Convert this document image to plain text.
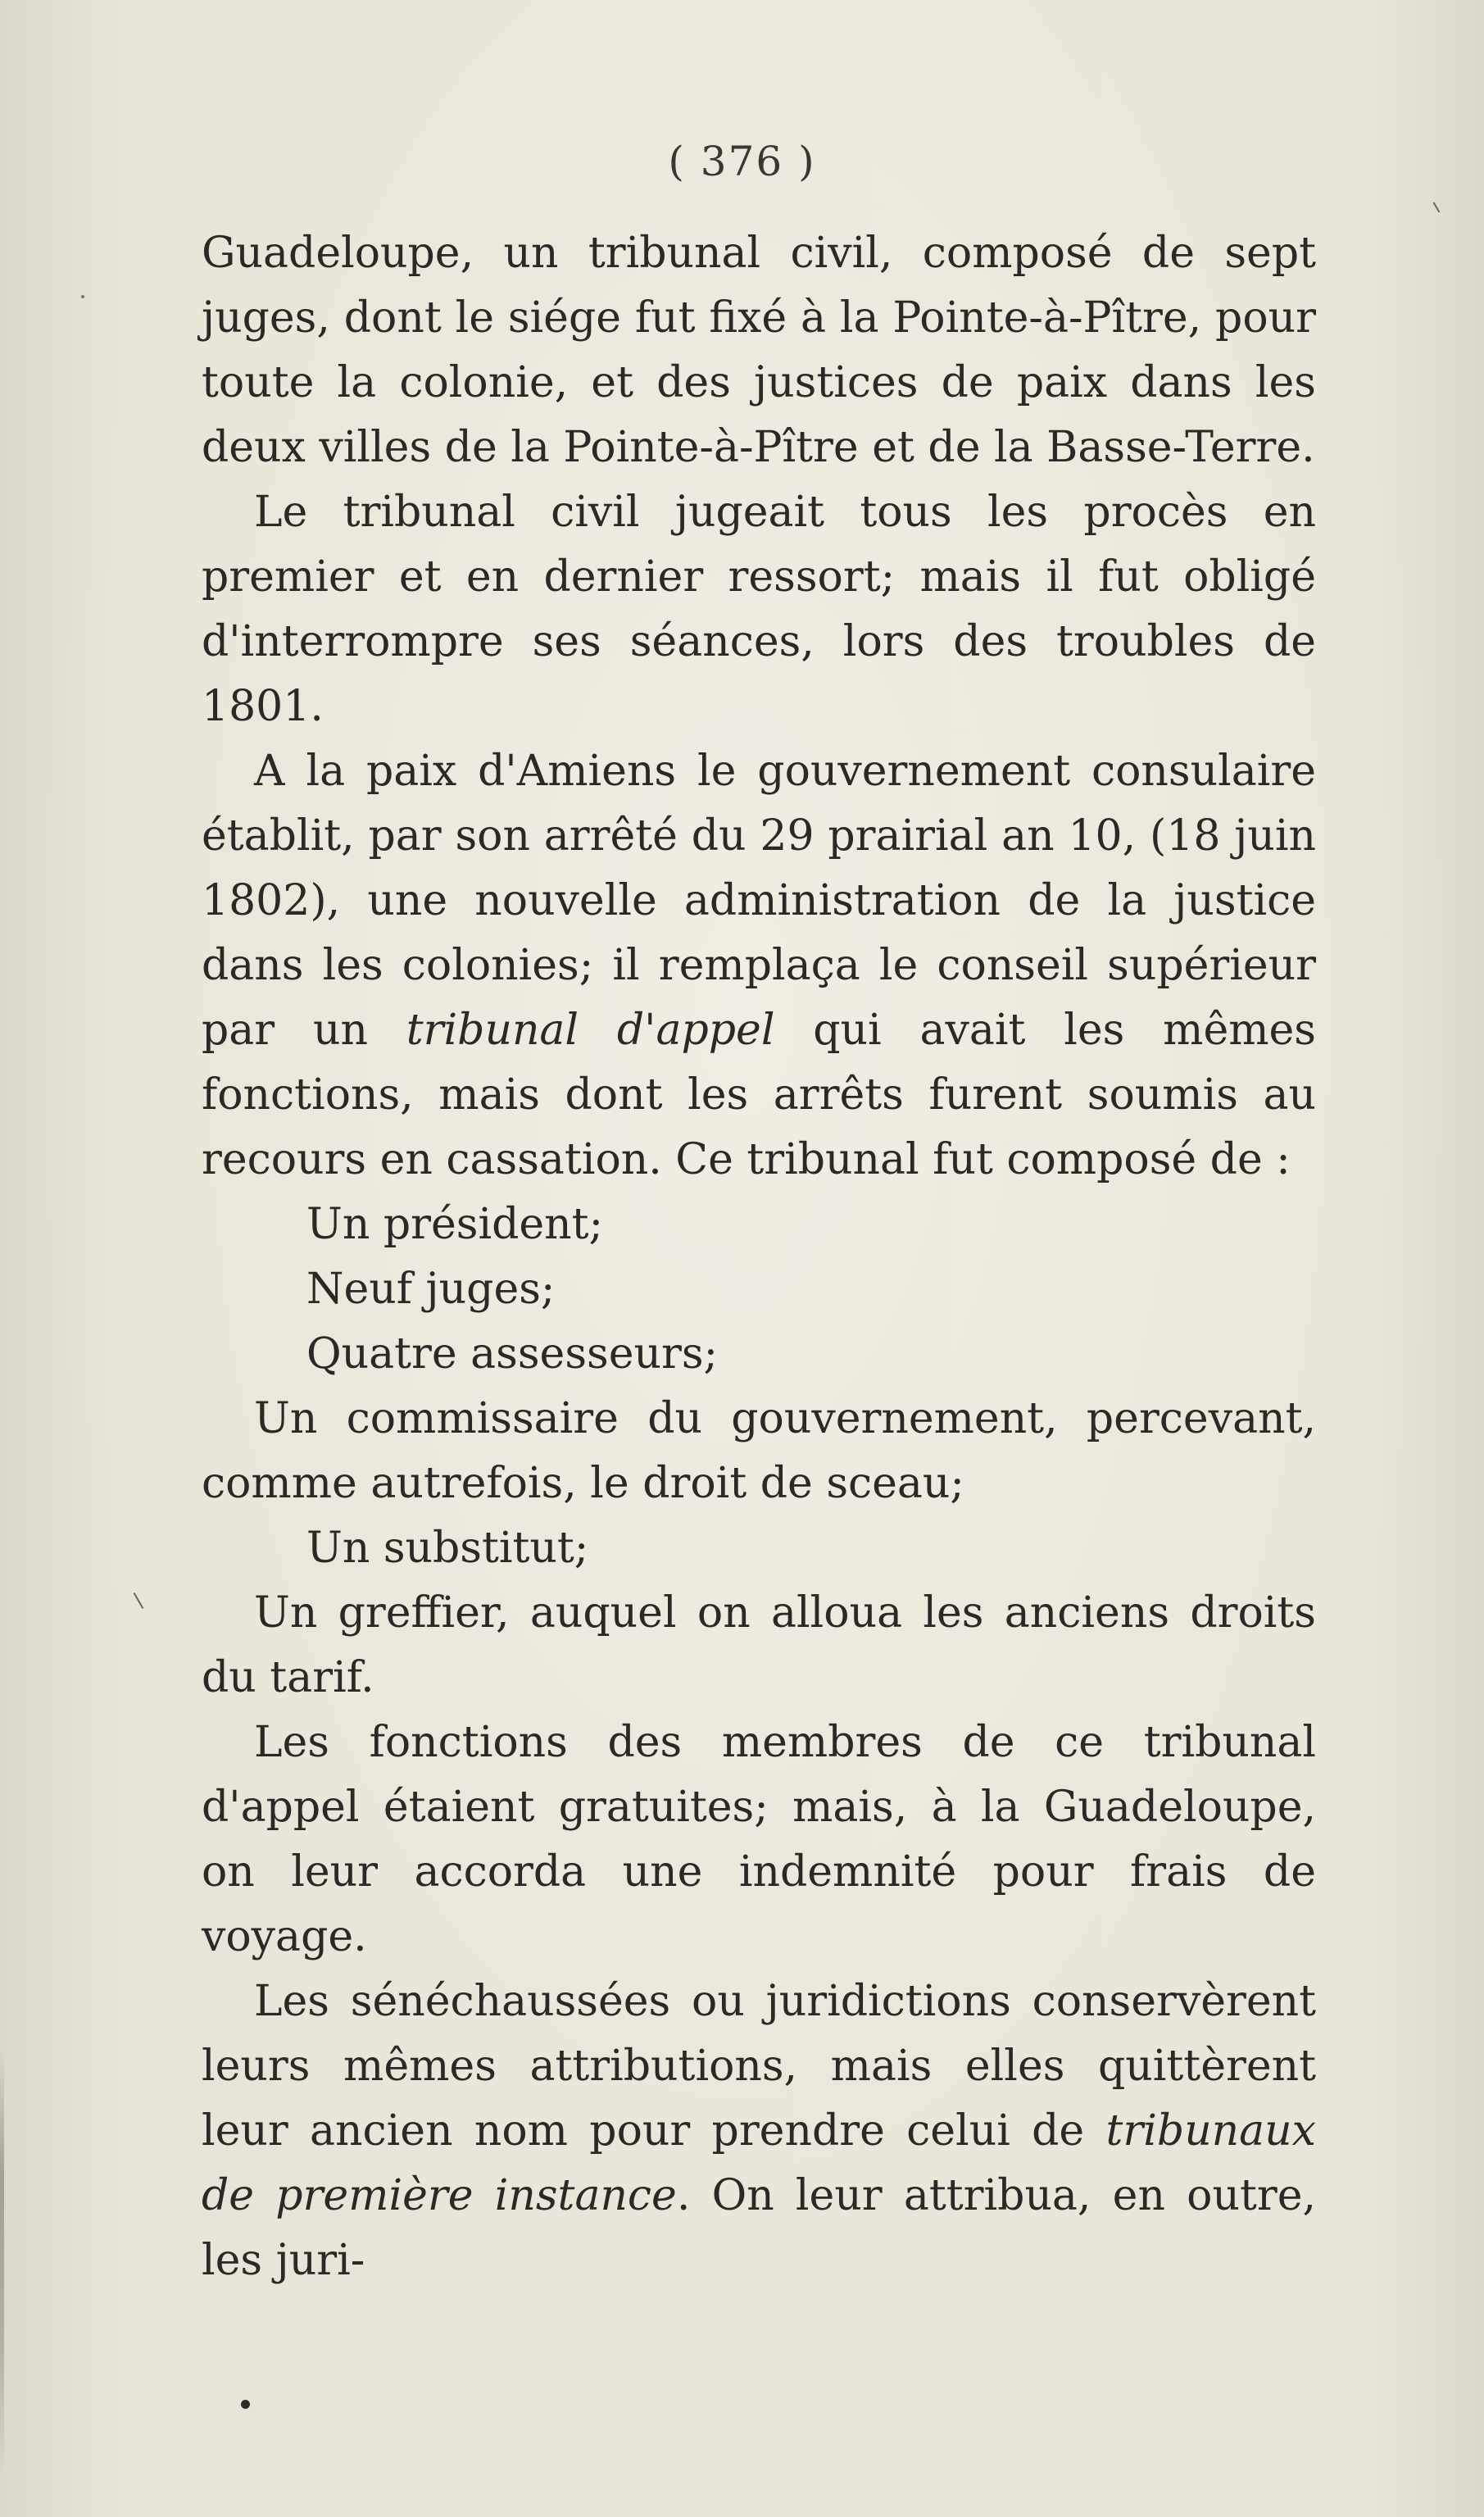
( 376 )

Guadeloupe, un tribunal civil, composé de sept juges, dont le siége fut fixé à la Pointe-à-Pître, pour toute la colonie, et des justices de paix dans les deux villes de la Pointe-à-Pître et de la Basse-Terre.

Le tribunal civil jugeait tous les procès en premier et en dernier ressort; mais il fut obligé d'interrompre ses séances, lors des troubles de 1801.

A la paix d'Amiens le gouvernement consulaire établit, par son arrêté du 29 prairial an 10, (18 juin 1802), une nouvelle administration de la justice dans les colonies; il remplaça le conseil supérieur par un tribunal d'appel qui avait les mêmes fonctions, mais dont les arrêts furent soumis au recours en cassation. Ce tribunal fut composé de :

Un président;

Neuf juges;

Quatre assesseurs;

Un commissaire du gouvernement, percevant, comme autrefois, le droit de sceau;

Un substitut;

Un greffier, auquel on alloua les anciens droits du tarif.

Les fonctions des membres de ce tribunal d'appel étaient gratuites; mais, à la Guadeloupe, on leur accorda une indemnité pour frais de voyage.

Les sénéchaussées ou juridictions conservèrent leurs mêmes attributions, mais elles quittèrent leur ancien nom pour prendre celui de tribunaux de première instance. On leur attribua, en outre, les juri-
